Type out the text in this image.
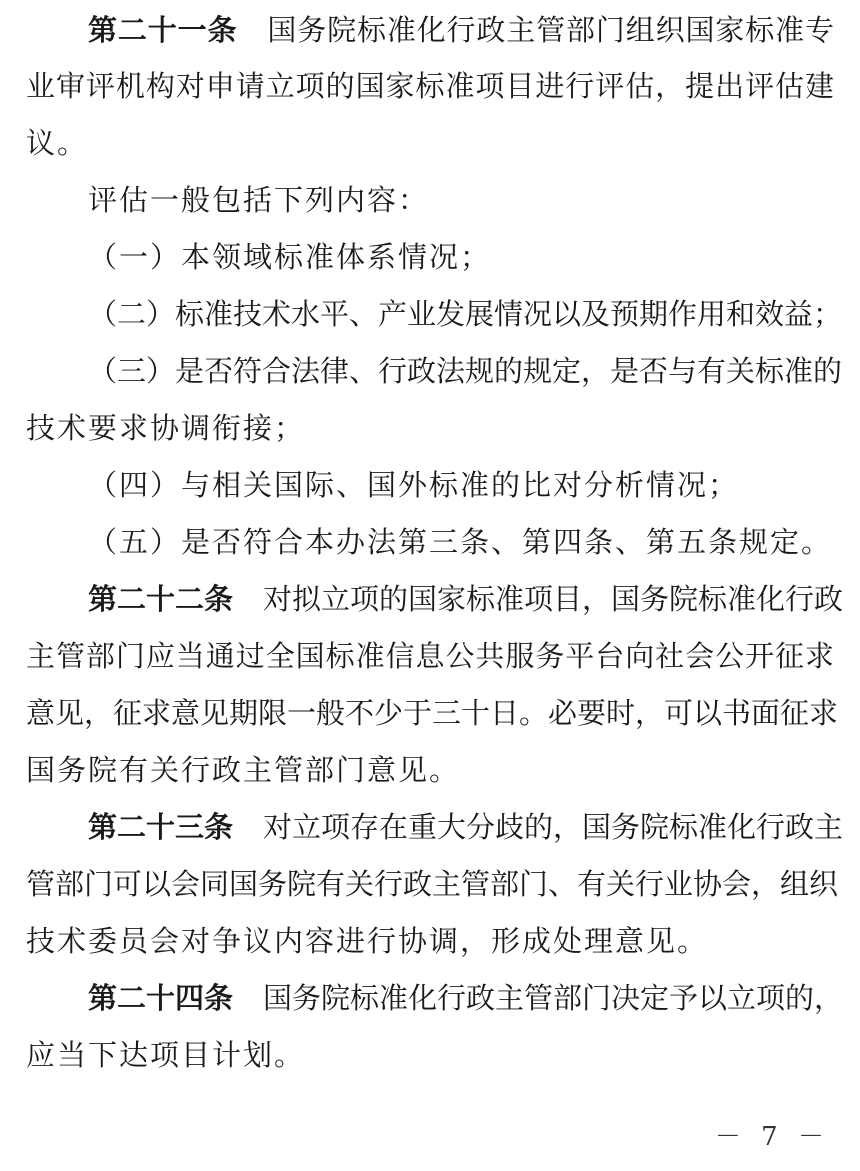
第二十一条 国务院标准化行政主管部门组织国家标准专
业审评机构对申请立项的国家标准项目进行评估，提出评估建
议。
评估一般包括下列内容：
（一）本领域标准体系情况；
（二）标准技术水平、产业发展情况以及预期作用和效益；
（三）是否符合法律、行政法规的规定，是否与有关标准的
技术要求协调衔接；
（四）与相关国际、国外标准的比对分析情况；
（五）是否符合本办法第三条、第四条、第五条规定。
第二十二条 对拟立项的国家标准项目，国务院标准化行政
主管部门应当通过全国标准信息公共服务平台向社会公开征求
意见，征求意见期限一般不少于三十日。必要时，可以书面征求
国务院有关行政主管部门意见。
第二十三条 对立项存在重大分歧的，国务院标准化行政主
管部门可以会同国务院有关行政主管部门、有关行业协会，组织
技术委员会对争议内容进行协调，形成处理意见。
第二十四条 国务院标准化行政主管部门决定予以立项的，
应当下达项目计划。
－ 7 －
